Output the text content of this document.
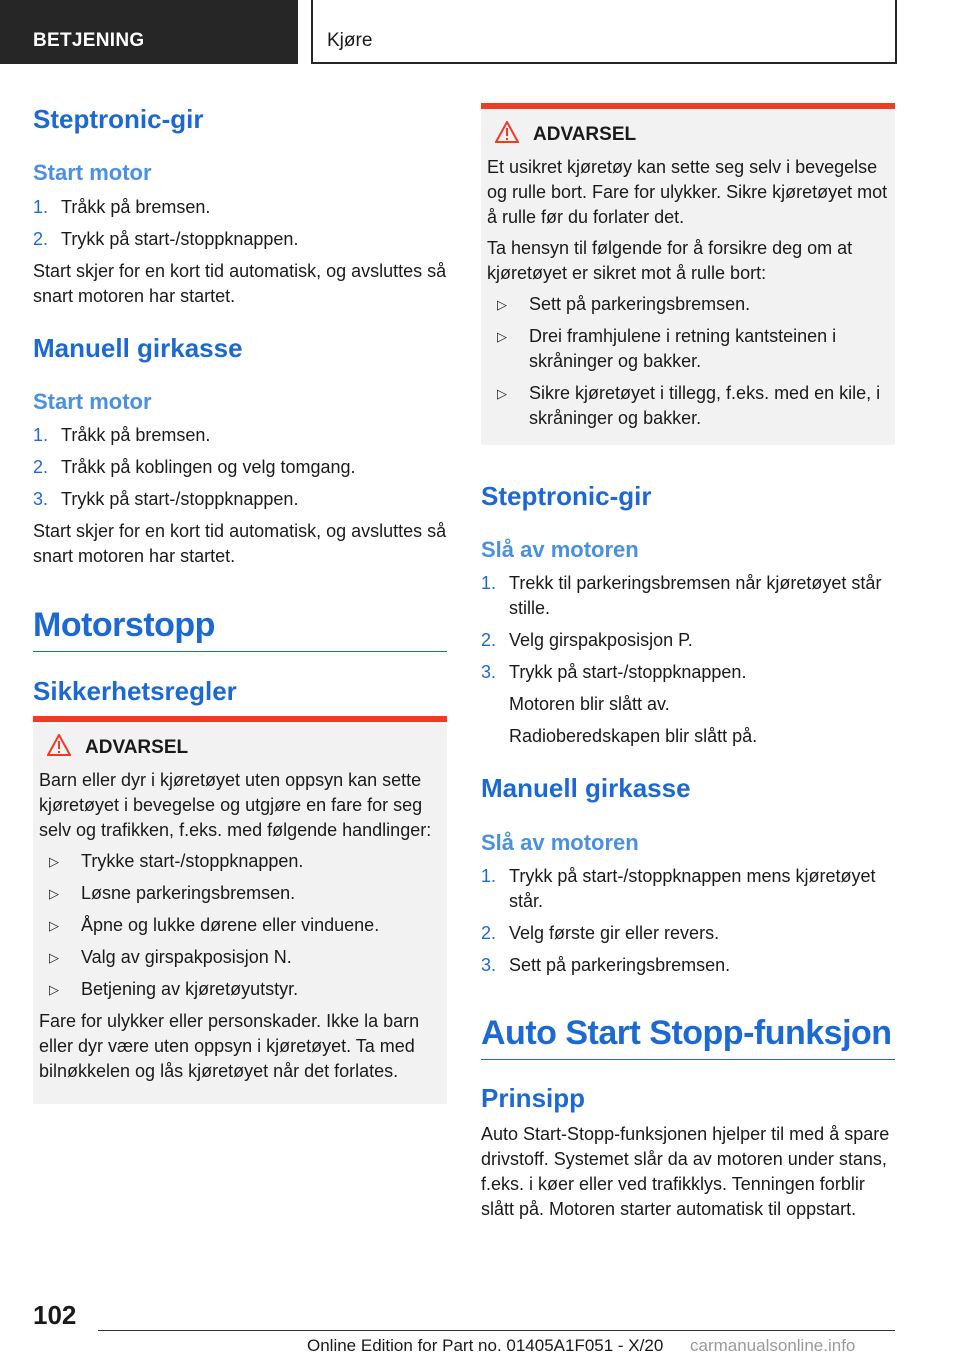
BETJENING	Kjøre
Steptronic-gir
Start motor
1. Tråkk på bremsen.
2. Trykk på start-/stoppknappen.
Start skjer for en kort tid automatisk, og avsluttes så snart motoren har startet.
Manuell girkasse
Start motor
1. Tråkk på bremsen.
2. Tråkk på koblingen og velg tomgang.
3. Trykk på start-/stoppknappen.
Start skjer for en kort tid automatisk, og avsluttes så snart motoren har startet.
Motorstopp
Sikkerhetsregler
ADVARSEL
Barn eller dyr i kjøretøyet uten oppsyn kan sette kjøretøyet i bevegelse og utgjøre en fare for seg selv og trafikken, f.eks. med følgende handlinger:
▷ Trykke start-/stoppknappen.
▷ Løsne parkeringsbremsen.
▷ Åpne og lukke dørene eller vinduene.
▷ Valg av girspakposisjon N.
▷ Betjening av kjøretøyutstyr.
Fare for ulykker eller personskader. Ikke la barn eller dyr være uten oppsyn i kjøretøyet. Ta med bilnøkkelen og lås kjøretøyet når det forlates.
ADVARSEL
Et usikret kjøretøy kan sette seg selv i bevegelse og rulle bort. Fare for ulykker. Sikre kjøretøyet mot å rulle før du forlater det.
Ta hensyn til følgende for å forsikre deg om at kjøretøyet er sikret mot å rulle bort:
▷ Sett på parkeringsbremsen.
▷ Drei framhjulene i retning kantsteinen i skråninger og bakker.
▷ Sikre kjøretøyet i tillegg, f.eks. med en kile, i skråninger og bakker.
Steptronic-gir
Slå av motoren
1. Trekk til parkeringsbremsen når kjøretøyet står stille.
2. Velg girspakposisjon P.
3. Trykk på start-/stoppknappen.
Motoren blir slått av.
Radioberedskapen blir slått på.
Manuell girkasse
Slå av motoren
1. Trykk på start-/stoppknappen mens kjøretøyet står.
2. Velg første gir eller revers.
3. Sett på parkeringsbremsen.
Auto Start Stopp-funksjon
Prinsipp
Auto Start-Stopp-funksjonen hjelper til med å spare drivstoff. Systemet slår da av motoren under stans, f.eks. i køer eller ved trafikklys. Tenningen forblir slått på. Motoren starter automatisk til oppstart.
102
Online Edition for Part no. 01405A1F051 - X/20 carmanualsonline.info
